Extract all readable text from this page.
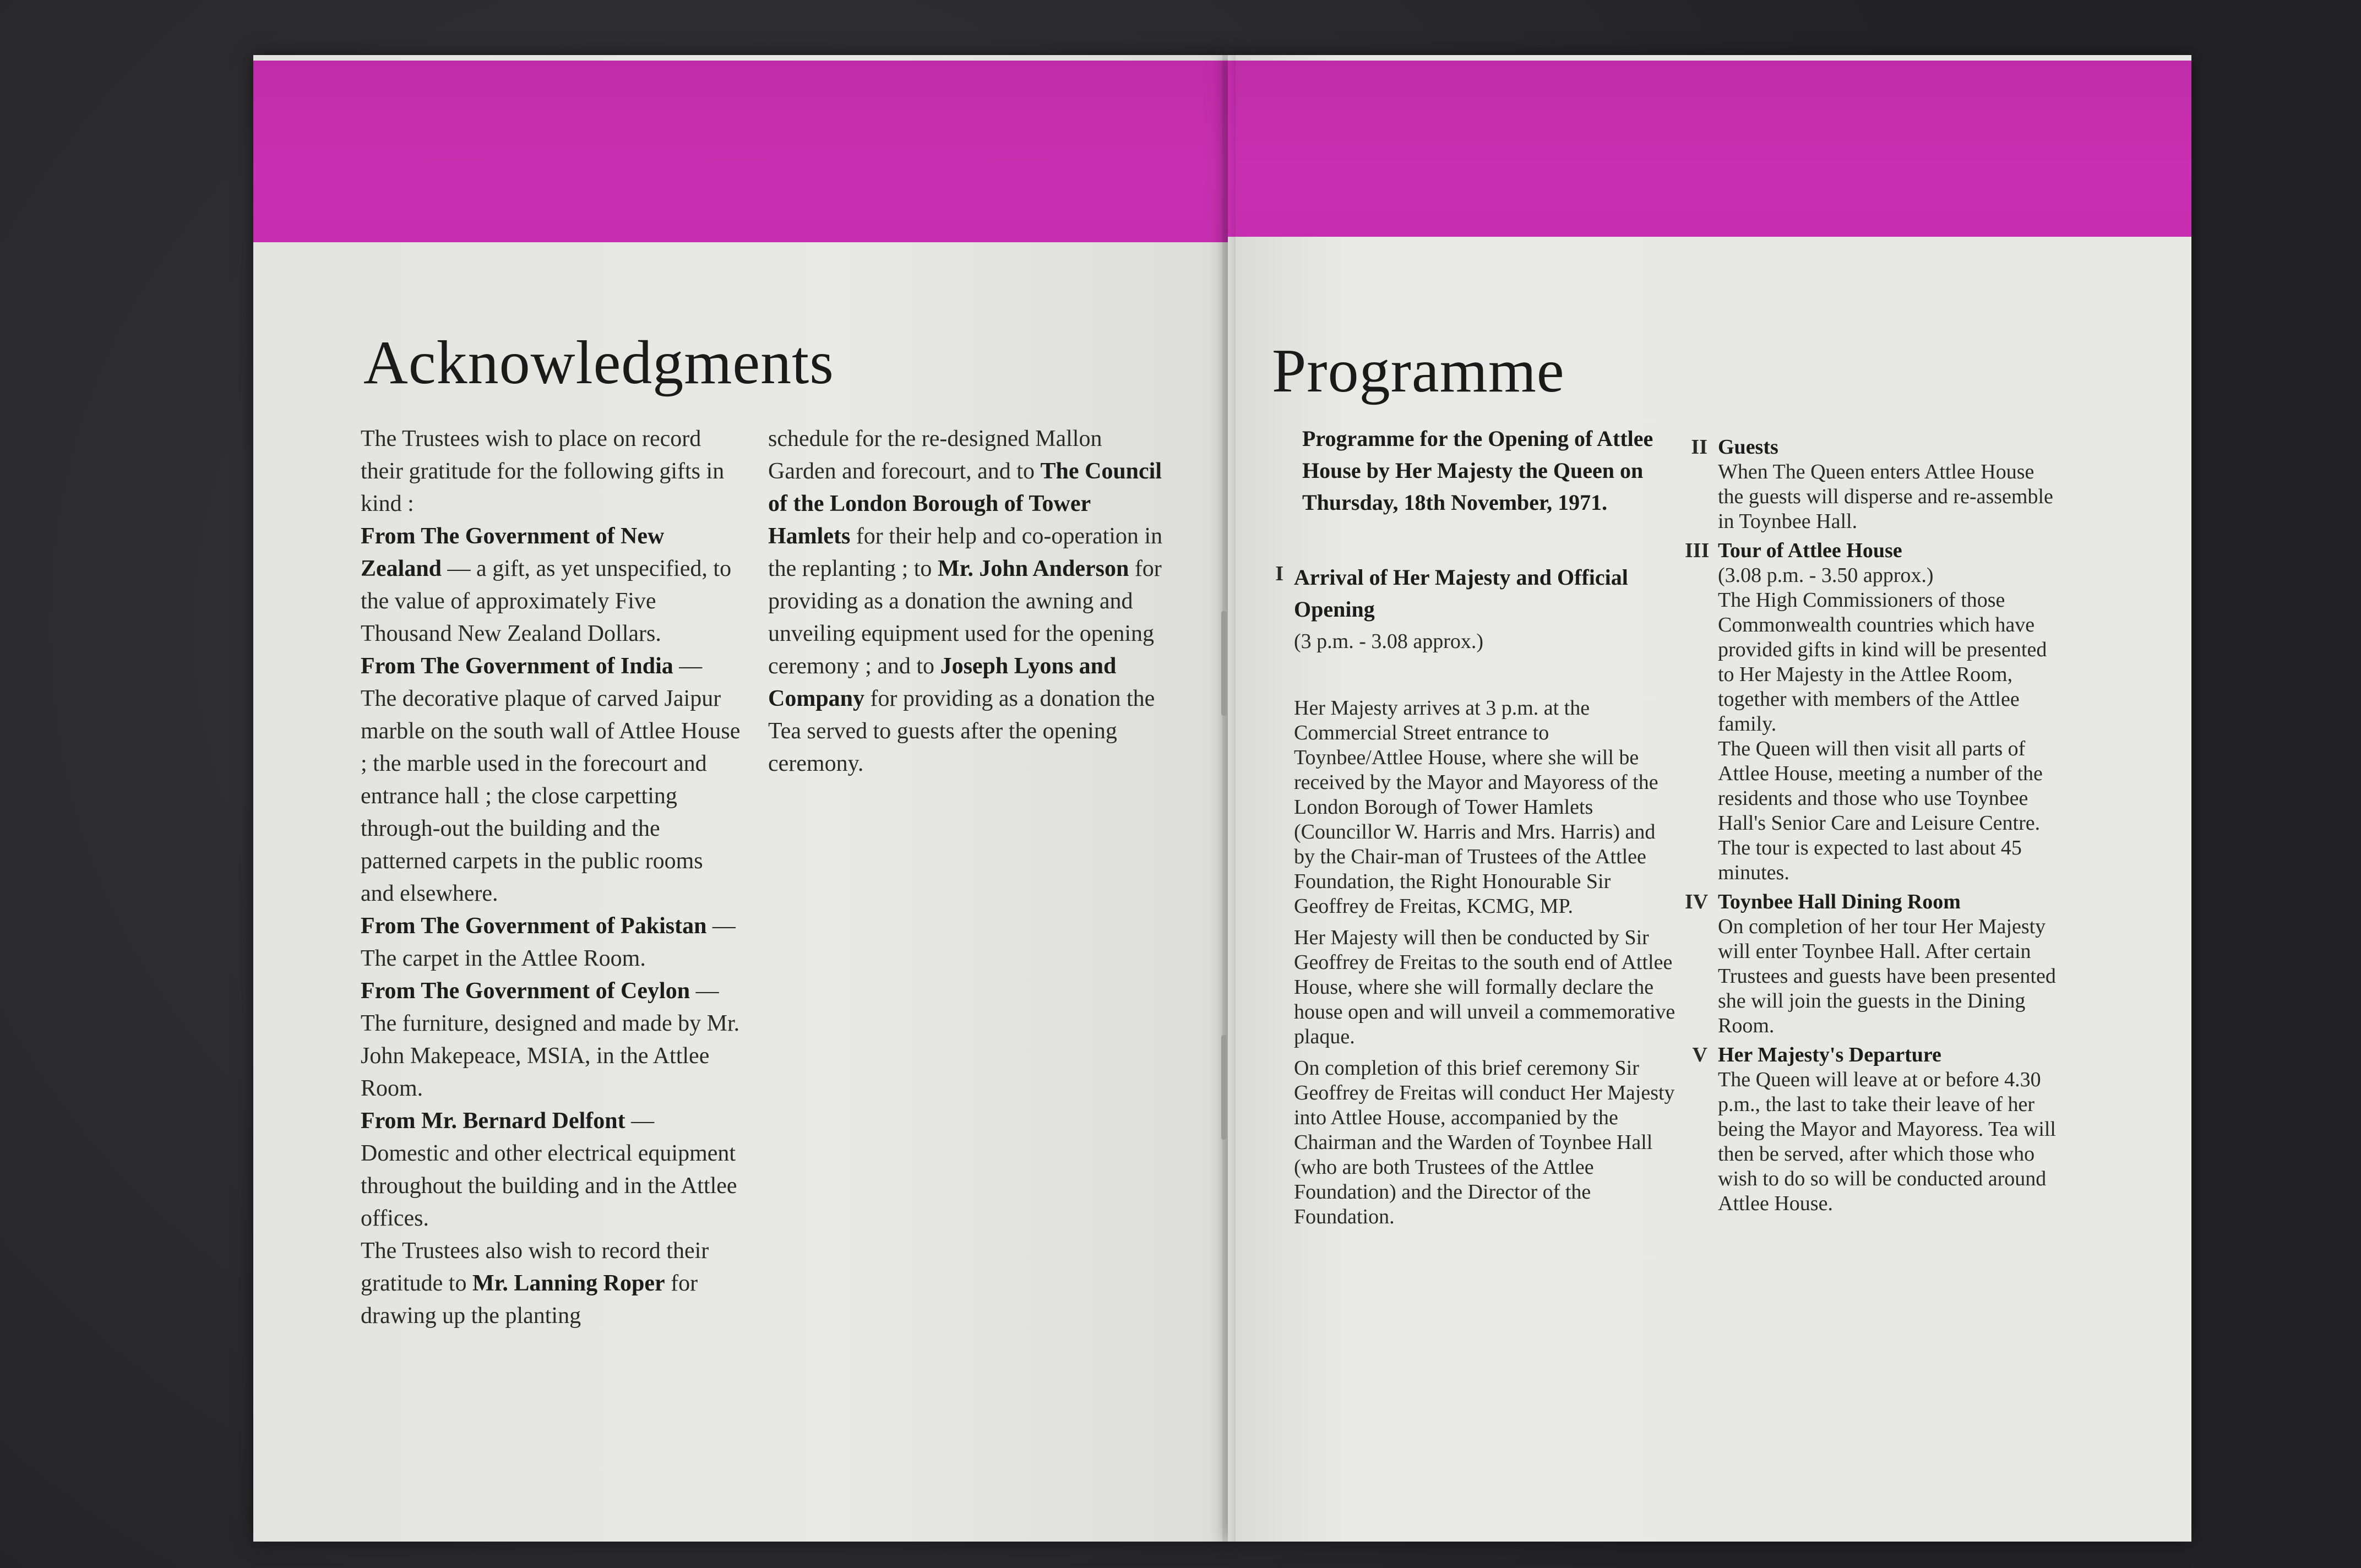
Acknowledgments

The Trustees wish to place on record their gratitude for the following gifts in kind :

From The Government of New Zealand — a gift, as yet unspecified, to the value of approximately Five Thousand New Zealand Dollars.

From The Government of India — The decorative plaque of carved Jaipur marble on the south wall of Attlee House ; the marble used in the forecourt and entrance hall ; the close carpetting through-out the building and the patterned carpets in the public rooms and elsewhere.

From The Government of Pakistan — The carpet in the Attlee Room.

From The Government of Ceylon — The furniture, designed and made by Mr. John Makepeace, MSIA, in the Attlee Room.

From Mr. Bernard Delfont — Domestic and other electrical equipment throughout the building and in the Attlee offices.

The Trustees also wish to record their gratitude to Mr. Lanning Roper for drawing up the planting

schedule for the re-designed Mallon Garden and forecourt, and to The Council of the London Borough of Tower Hamlets for their help and co-operation in the replanting ; to Mr. John Anderson for providing as a donation the awning and unveiling equipment used for the opening ceremony ; and to Joseph Lyons and Company for providing as a donation the Tea served to guests after the opening ceremony.

Programme
Programme for the Opening of Attlee House by Her Majesty the Queen on Thursday, 18th November, 1971.
I Arrival of Her Majesty and Official Opening

(3 p.m. - 3.08 approx.)

Her Majesty arrives at 3 p.m. at the Commercial Street entrance to Toynbee/Attlee House, where she will be received by the Mayor and Mayoress of the London Borough of Tower Hamlets (Councillor W. Harris and Mrs. Harris) and by the Chair-man of Trustees of the Attlee Foundation, the Right Honourable Sir Geoffrey de Freitas, KCMG, MP.

Her Majesty will then be conducted by Sir Geoffrey de Freitas to the south end of Attlee House, where she will formally declare the house open and will unveil a commemorative plaque.

On completion of this brief ceremony Sir Geoffrey de Freitas will conduct Her Majesty into Attlee House, accompanied by the Chairman and the Warden of Toynbee Hall (who are both Trustees of the Attlee Foundation) and the Director of the Foundation.

II Guests

When The Queen enters Attlee House the guests will disperse and re-assemble in Toynbee Hall.

III Tour of Attlee House

(3.08 p.m. - 3.50 approx.)

The High Commissioners of those Commonwealth countries which have provided gifts in kind will be presented to Her Majesty in the Attlee Room, together with members of the Attlee family.

The Queen will then visit all parts of Attlee House, meeting a number of the residents and those who use Toynbee Hall's Senior Care and Leisure Centre. The tour is expected to last about 45 minutes.

IV Toynbee Hall Dining Room

On completion of her tour Her Majesty will enter Toynbee Hall. After certain Trustees and guests have been presented she will join the guests in the Dining Room.

V Her Majesty's Departure

The Queen will leave at or before 4.30 p.m., the last to take their leave of her being the Mayor and Mayoress. Tea will then be served, after which those who wish to do so will be conducted around Attlee House.
